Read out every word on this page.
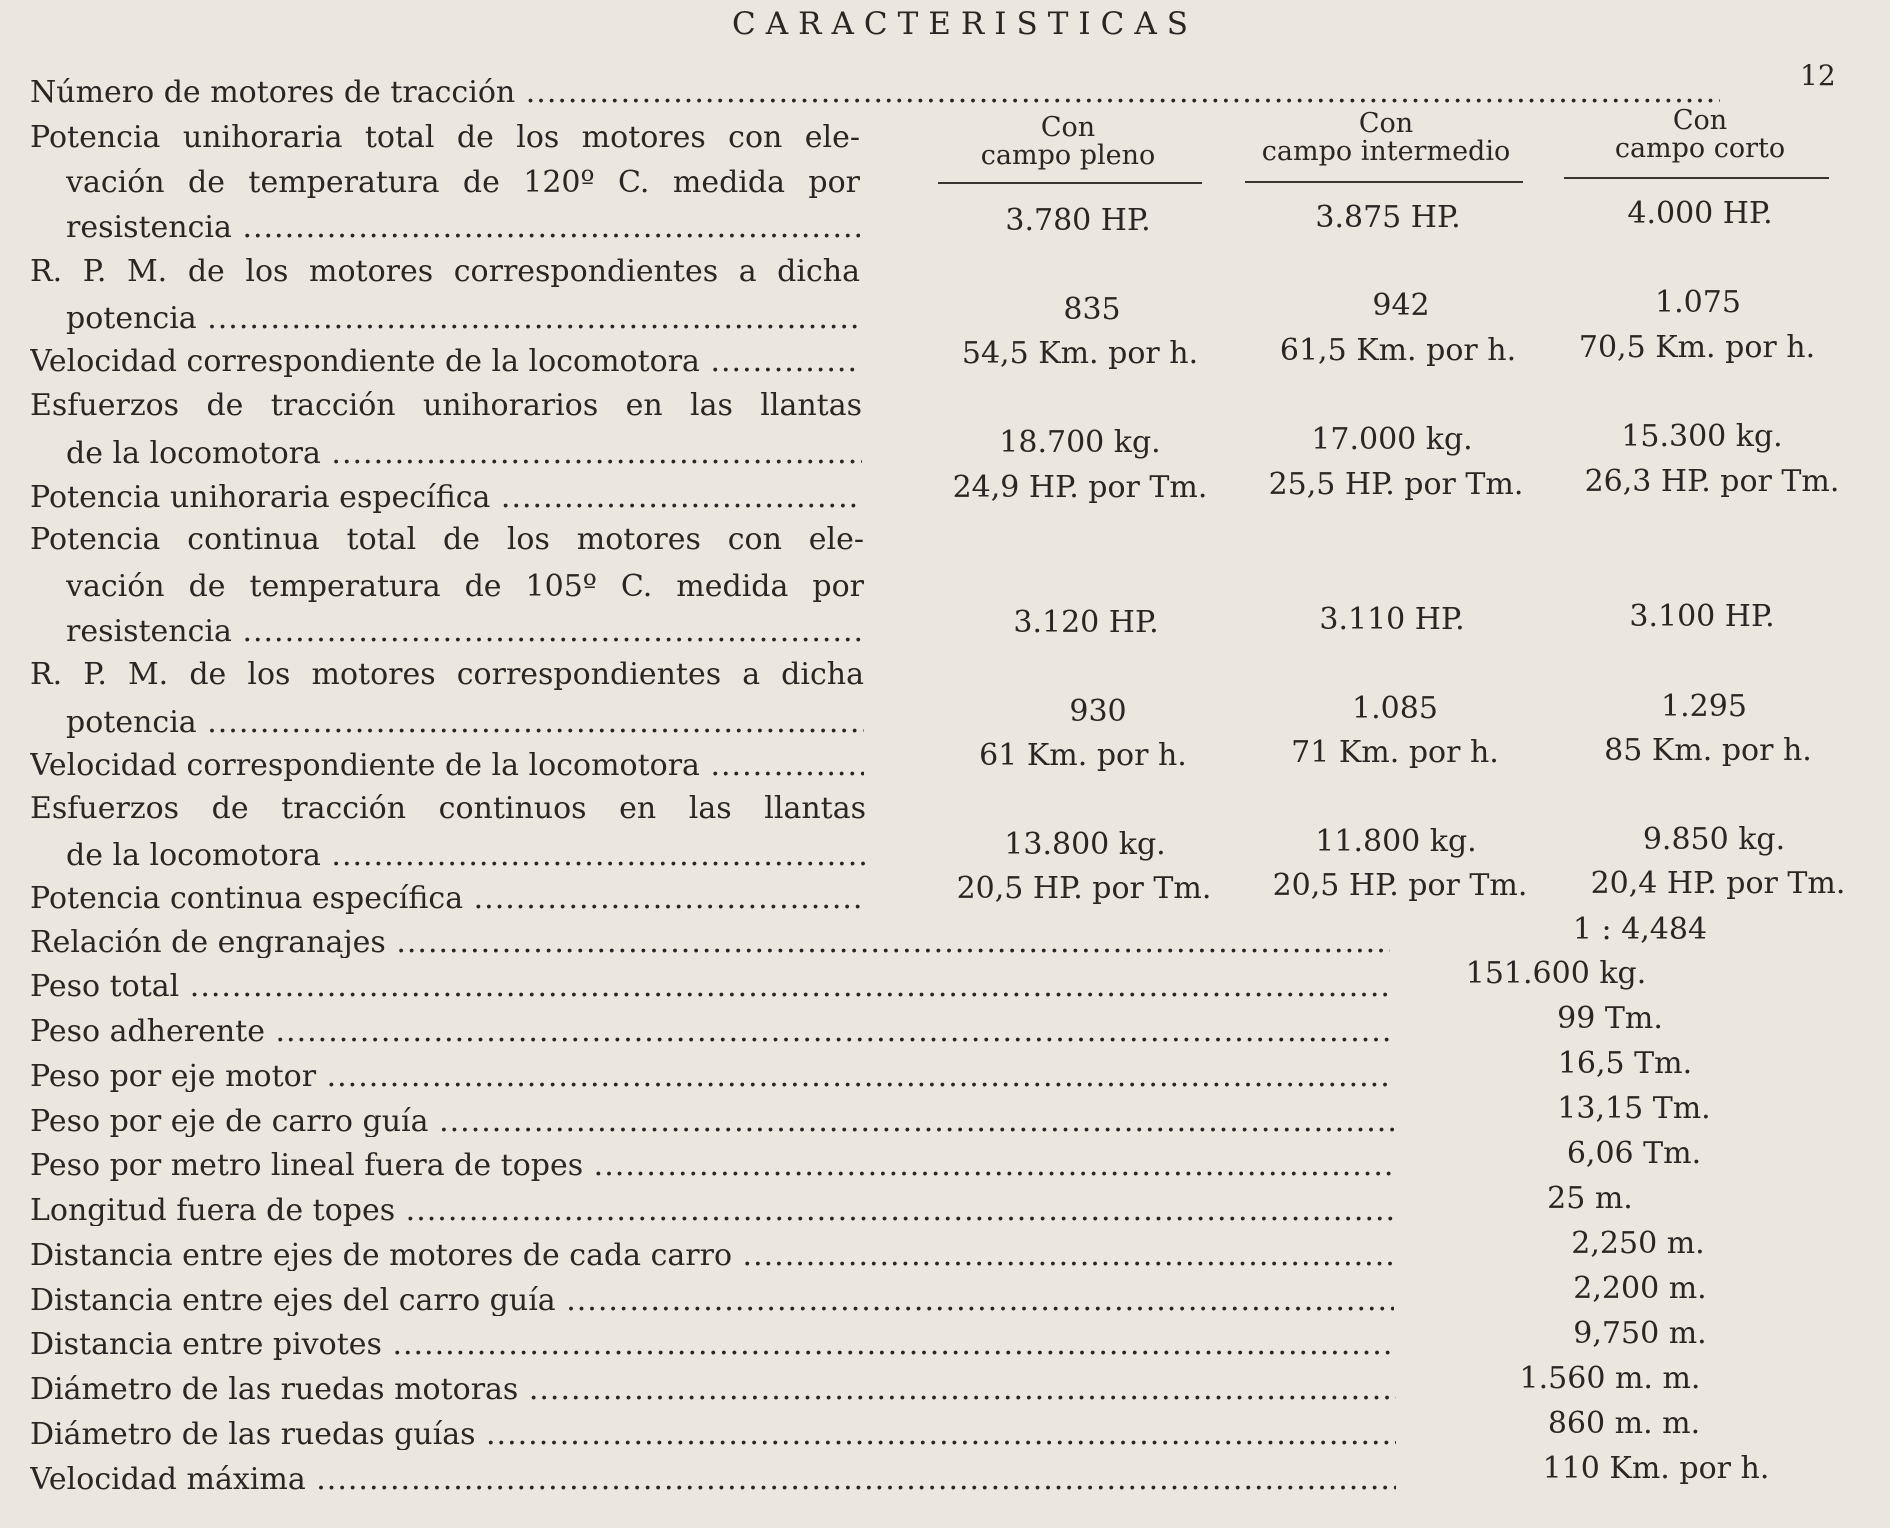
CARACTERISTICAS
12
Número de motores de tracción .....
Con
campo pleno
Con
campo intermedio
Con
campo corto
Potencia unihoraria total de los motores con ele-
vación de temperatura de 120º C. medida por
resistencia .....	3.780 HP.	3.875 HP.	4.000 HP.
R. P. M. de los motores correspondientes a dicha
potencia .....	835	942	1.075
Velocidad correspondiente de la locomotora .....	54,5 Km. por h.	61,5 Km. por h. 70,5 Km. por h.
Esfuerzos de tracción unihorarios en las llantas
de la locomotora .....	18.700 kg.	17.000 kg.	15.300 kg.
Potencia unihoraria específica .....	24,9 HP. por Tm. 25,5 HP. por Tm. 26,3 HP. por Tm.
Potencia continua total de los motores con ele-
vación de temperatura de 105º C. medida por
resistencia .....	3.120 HP.	3.110 HP.	3.100 HP.
R. P. M. de los motores correspondientes a dicha
potencia .....	930	1.085	1.295
Velocidad correspondiente de la locomotora .....	61 Km. por h.	71 Km. por h.	85 Km. por h.
Esfuerzos de tracción continuos en las llantas
de la locomotora .....	13.800 kg.	11.800 kg.	9.850 kg.
Potencia continua específica .....	20,5 HP. por Tm. 20,5 HP. por Tm. 20,4 HP. por Tm.
Relación de engranajes .....	1 : 4,484
Peso total .....	151.600 kg.
Peso adherente .....	99 Tm.
Peso por eje motor .....	16,5 Tm.
Peso por eje de carro guía .....	13,15 Tm.
Peso por metro lineal fuera de topes .....	6,06 Tm.
Longitud fuera de topes .....	25 m.
Distancia entre ejes de motores de cada carro .....	2,250 m.
Distancia entre ejes del carro guía .....	2,200 m.
Distancia entre pivotes .....	9,750 m.
Diámetro de las ruedas motoras .....	1.560 m. m.
Diámetro de las ruedas guías .....	860 m. m.
Velocidad máxima .....	110 Km. por h.
